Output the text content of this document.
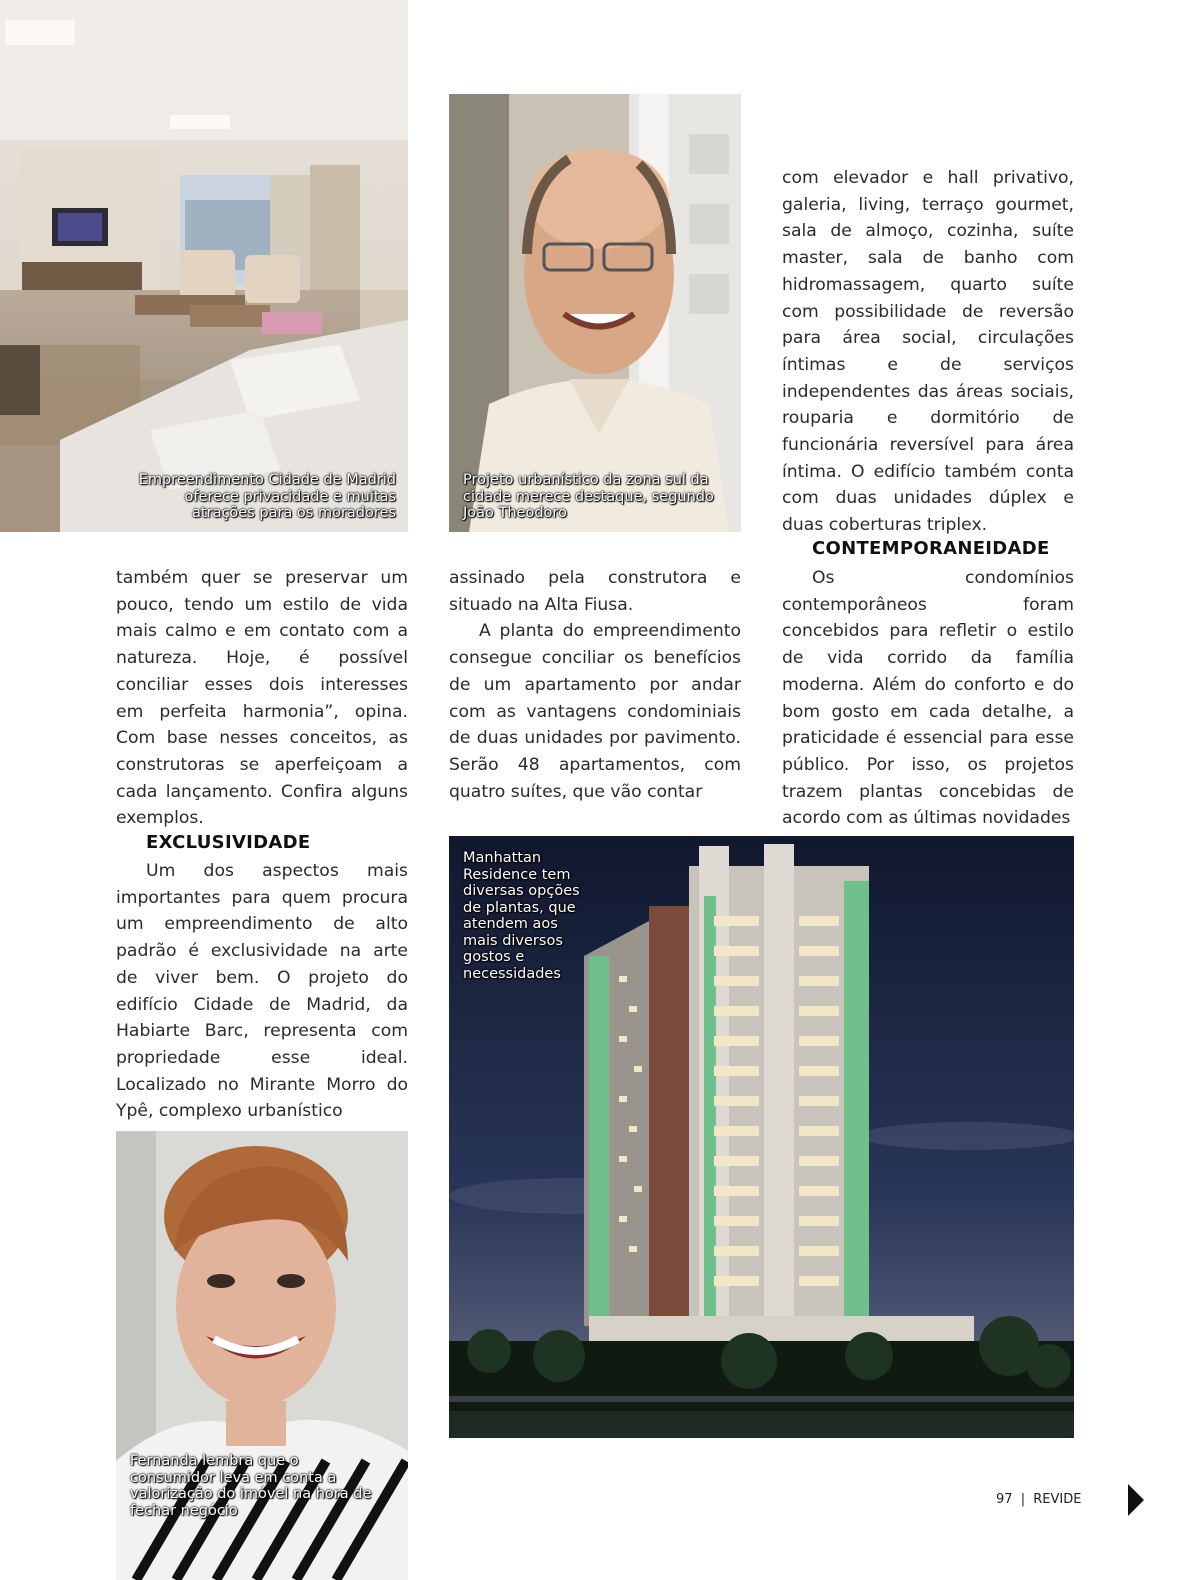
Empreendimento Cidade de Madrid oferece privacidade e muitas atrações para os moradores
Projeto urbanístico da zona sul da cidade merece destaque, segundo João Theodoro

com elevador e hall privativo, galeria, living, terraço gourmet, sala de almoço, cozinha, suíte master, sala de banho com hidromassagem, quarto suíte com possibilidade de reversão para área social, circulações íntimas e de serviços independentes das áreas sociais, rouparia e dormitório de funcionária reversível para área íntima. O edifício também conta com duas unidades dúplex e duas coberturas triplex.

também quer se preservar um pouco, tendo um estilo de vida mais calmo e em contato com a natureza. Hoje, é possível conciliar esses dois interesses em perfeita harmonia”, opina. Com base nesses conceitos, as construtoras se aperfeiçoam a cada lançamento. Confira alguns exemplos.

assinado pela construtora e situado na Alta Fiusa.

A planta do empreendimento consegue conciliar os benefícios de um apartamento por andar com as vantagens condominiais de duas unidades por pavimento. Serão 48 apartamentos, com quatro suítes, que vão contar

CONTEMPORANEIDADE

Os condomínios contemporâneos foram concebidos para refletir o estilo de vida corrido da família moderna. Além do conforto e do bom gosto em cada detalhe, a praticidade é essencial para esse público. Por isso, os projetos trazem plantas concebidas de acordo com as últimas novidades

EXCLUSIVIDADE

Um dos aspectos mais importantes para quem procura um empreendimento de alto padrão é exclusividade na arte de viver bem. O projeto do edifício Cidade de Madrid, da Habiarte Barc, representa com propriedade esse ideal. Localizado no Mirante Morro do Ypê, complexo urbanístico

Manhattan Residence tem diversas opções de plantas, que atendem aos mais diversos gostos e necessidades
Fernanda lembra que o consumidor leva em conta a valorização do imóvel na hora de fechar negócio
97 | REVIDE
